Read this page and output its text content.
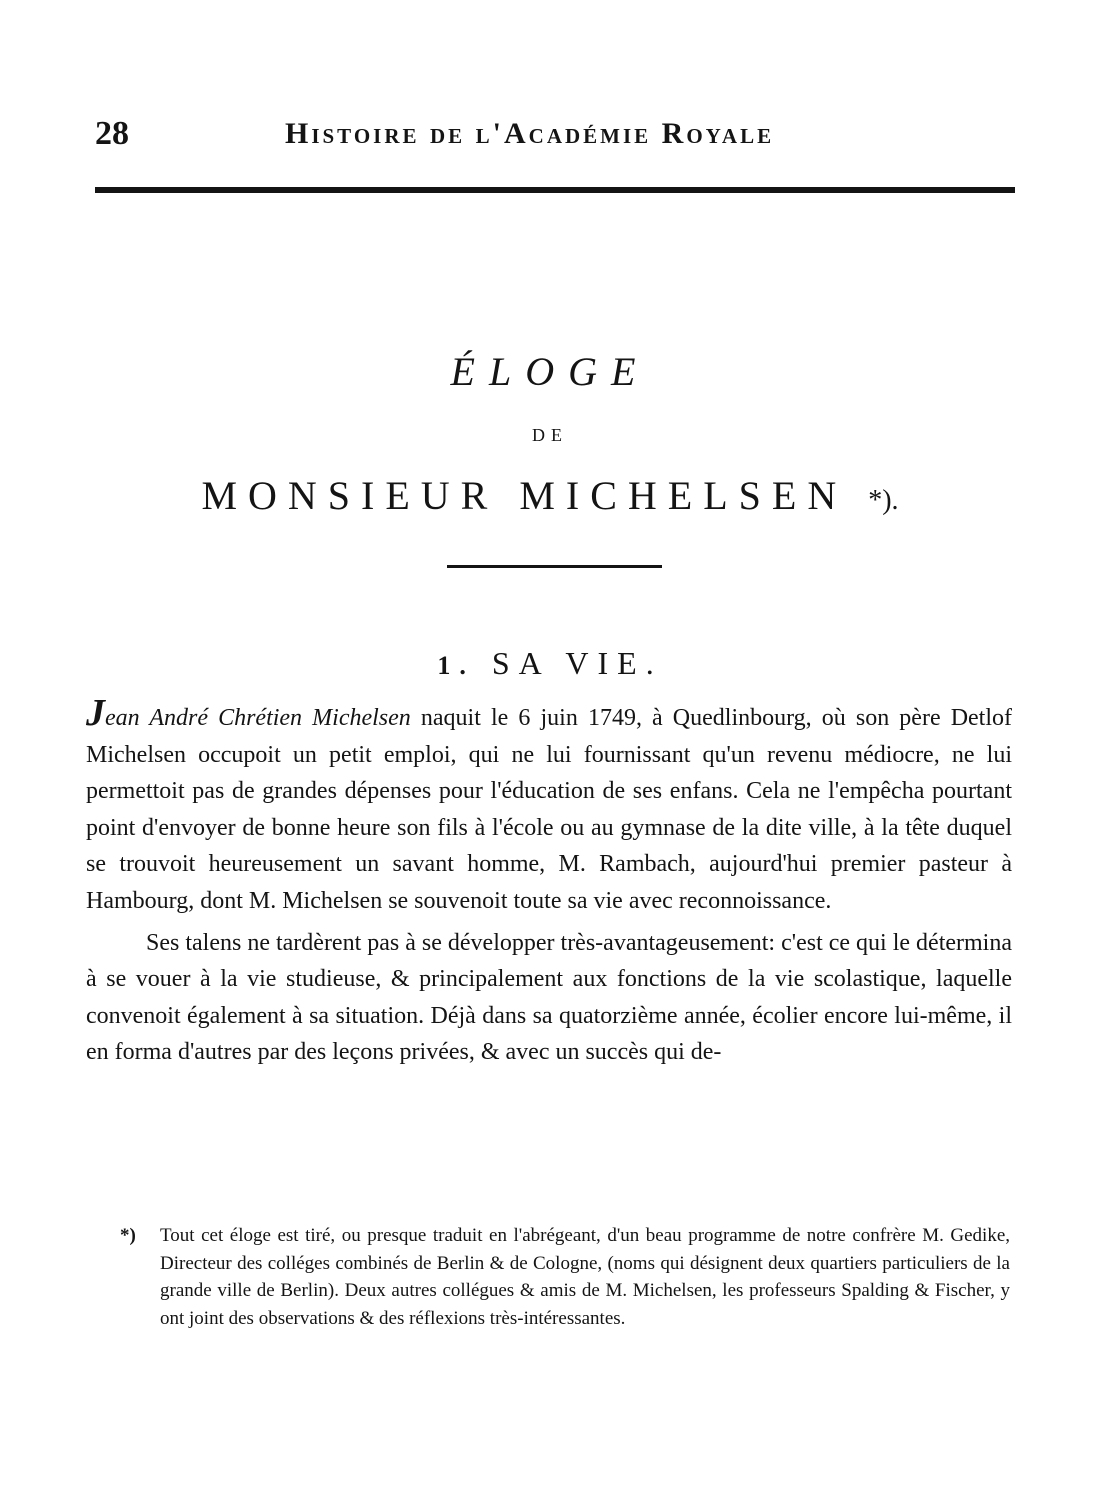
28	Histoire de l'Académie Royale
ÉLOGE
DE
MONSIEUR MICHELSEN *).
1. SA VIE.

Jean André Chrétien Michelsen naquit le 6 juin 1749, à Quedlinbourg, où son père Detlof Michelsen occupoit un petit emploi, qui ne lui fournissant qu'un revenu médiocre, ne lui permettoit pas de grandes dépenses pour l'éducation de ses enfans. Cela ne l'empêcha pourtant point d'envoyer de bonne heure son fils à l'école ou au gymnase de la dite ville, à la tête duquel se trouvoit heureusement un savant homme, M. Rambach, aujourd'hui premier pasteur à Hambourg, dont M. Michelsen se souvenoit toute sa vie avec reconnoissance.

Ses talens ne tardèrent pas à se développer très-avantageusement: c'est ce qui le détermina à se vouer à la vie studieuse, & principalement aux fonctions de la vie scolastique, laquelle convenoit également à sa situation. Déjà dans sa quatorzième année, écolier encore lui-même, il en forma d'autres par des leçons privées, & avec un succès qui de-

*) Tout cet éloge est tiré, ou presque traduit en l'abrégeant, d'un beau programme de notre confrère M. Gedike, Directeur des colléges combinés de Berlin & de Cologne, (noms qui désignent deux quartiers particuliers de la grande ville de Berlin). Deux autres collégues & amis de M. Michelsen, les professeurs Spalding & Fischer, y ont joint des observations & des réflexions très-intéressantes.
